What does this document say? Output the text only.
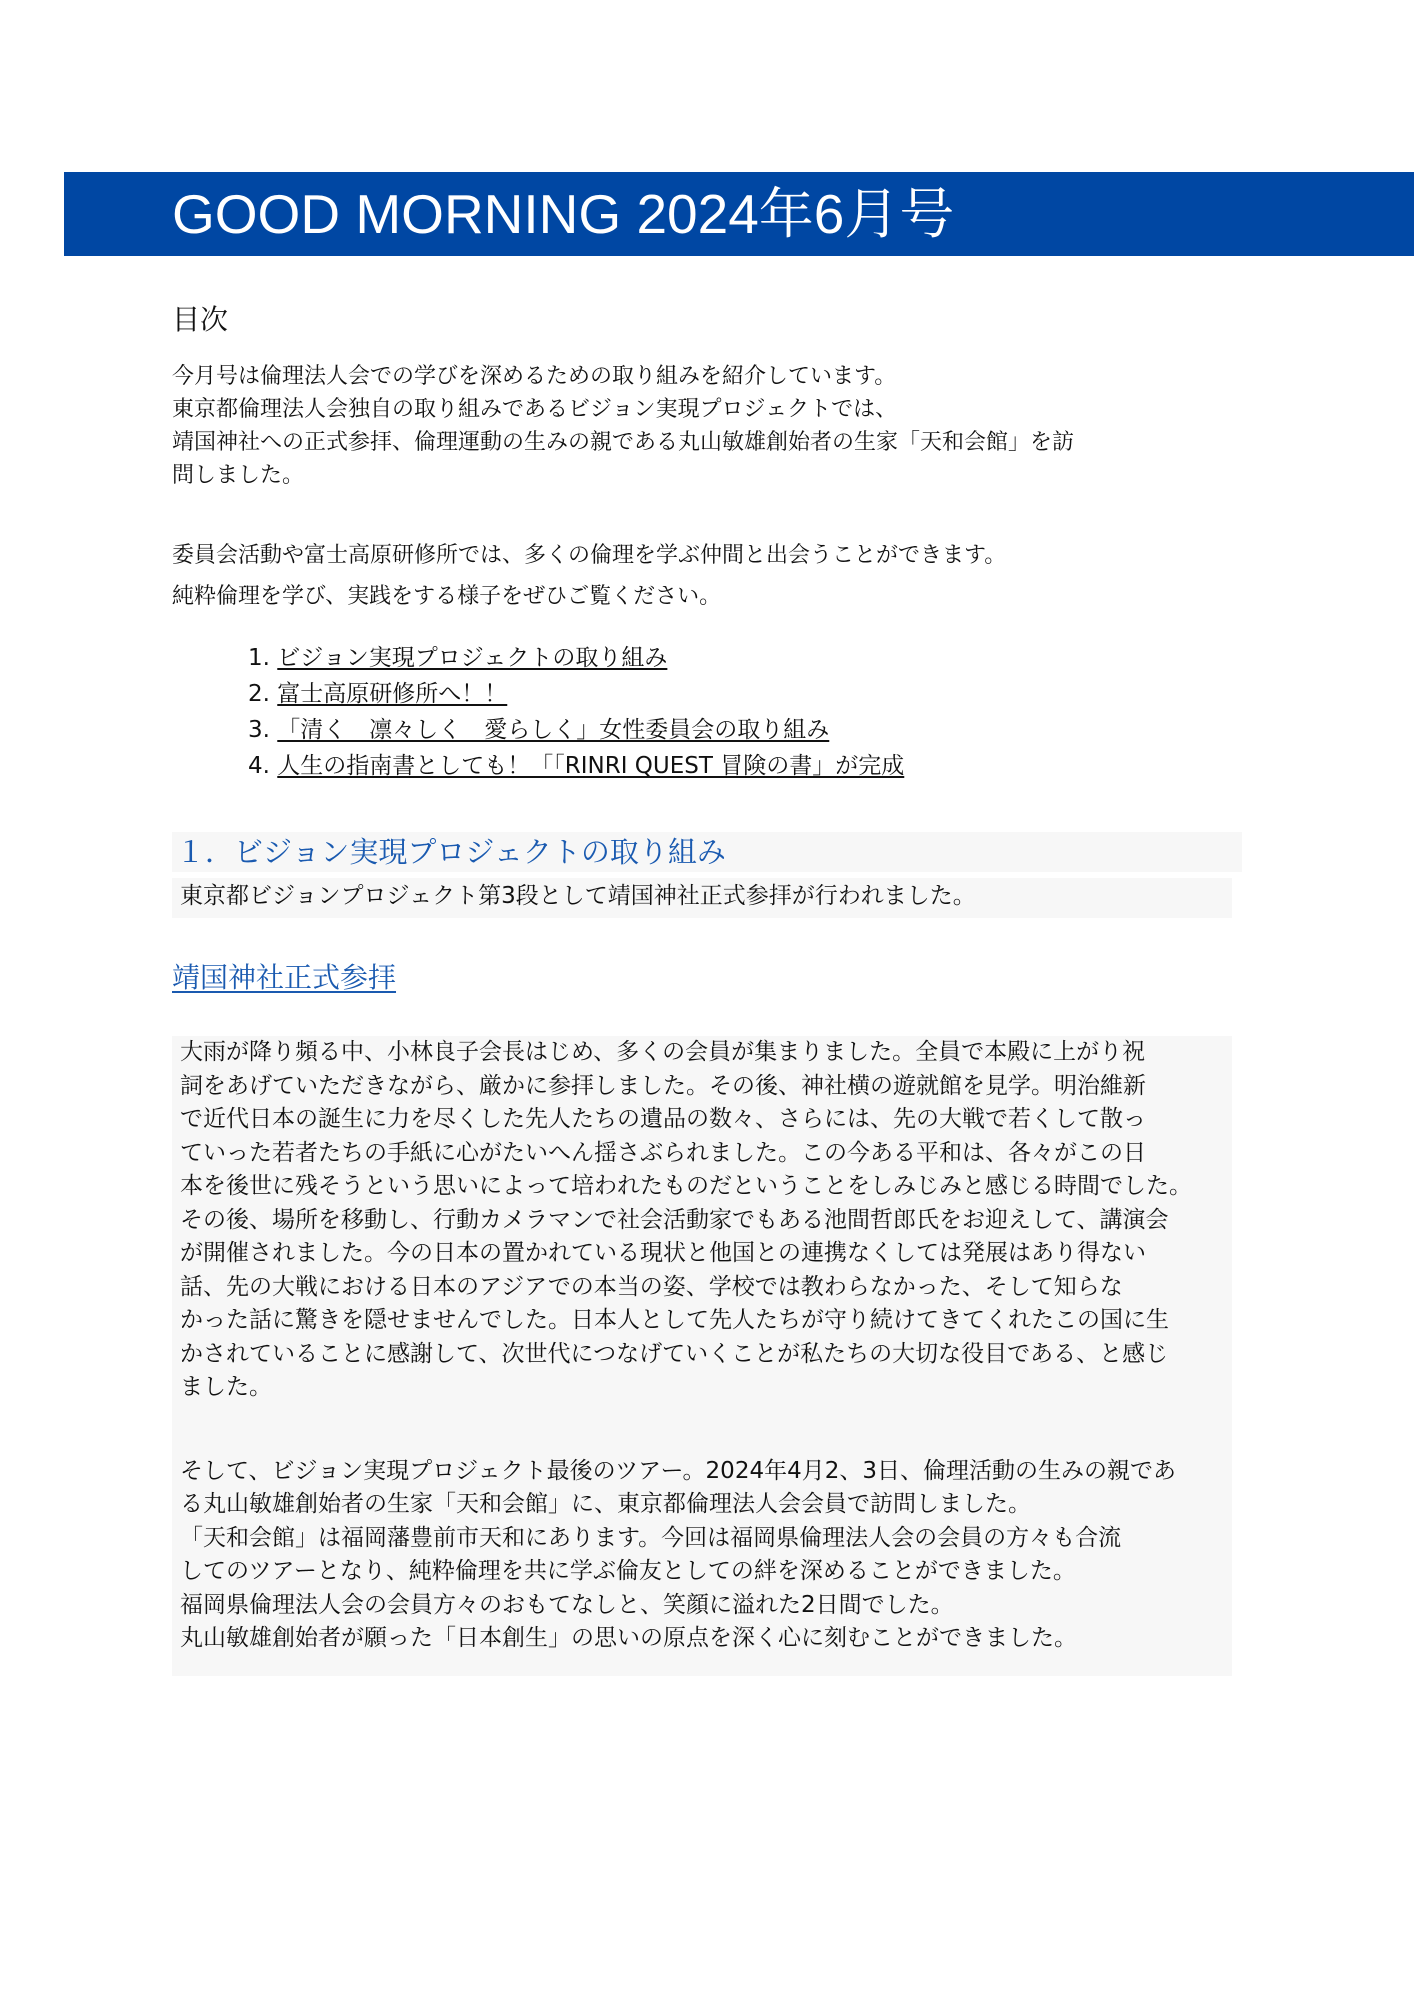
GOOD MORNING 2024年6月号
目次

今月号は倫理法人会での学びを深めるための取り組みを紹介しています。

東京都倫理法人会独自の取り組みであるビジョン実現プロジェクトでは、

靖国神社への正式参拝、倫理運動の生みの親である丸山敏雄創始者の生家「天和会館」を訪

問しました。

委員会活動や富士高原研修所では、多くの倫理を学ぶ仲間と出会うことができます。

純粋倫理を学び、実践をする様子をぜひご覧ください。

1. ビジョン実現プロジェクトの取り組み
2. 富士高原研修所へ！！
3. 「清く　凛々しく　愛らしく」女性委員会の取り組み
4. 人生の指南書としても！「「RINRI QUEST 冒険の書」が完成
１．ビジョン実現プロジェクトの取り組み
東京都ビジョンプロジェクト第3段として靖国神社正式参拝が行われました。
靖国神社正式参拝

大雨が降り頻る中、小林良子会長はじめ、多くの会員が集まりました。全員で本殿に上がり祝

詞をあげていただきながら、厳かに参拝しました。その後、神社横の遊就館を見学。明治維新

で近代日本の誕生に力を尽くした先人たちの遺品の数々、さらには、先の大戦で若くして散っ

ていった若者たちの手紙に心がたいへん揺さぶられました。この今ある平和は、各々がこの日

本を後世に残そうという思いによって培われたものだということをしみじみと感じる時間でした。

その後、場所を移動し、行動カメラマンで社会活動家でもある池間哲郎氏をお迎えして、講演会

が開催されました。今の日本の置かれている現状と他国との連携なくしては発展はあり得ない

話、先の大戦における日本のアジアでの本当の姿、学校では教わらなかった、そして知らな

かった話に驚きを隠せませんでした。日本人として先人たちが守り続けてきてくれたこの国に生

かされていることに感謝して、次世代につなげていくことが私たちの大切な役目である、と感じ

ました。

そして、ビジョン実現プロジェクト最後のツアー。2024年4月2、3日、倫理活動の生みの親であ

る丸山敏雄創始者の生家「天和会館」に、東京都倫理法人会会員で訪問しました。

「天和会館」は福岡藩豊前市天和にあります。今回は福岡県倫理法人会の会員の方々も合流

してのツアーとなり、純粋倫理を共に学ぶ倫友としての絆を深めることができました。

福岡県倫理法人会の会員方々のおもてなしと、笑顔に溢れた2日間でした。

丸山敏雄創始者が願った「日本創生」の思いの原点を深く心に刻むことができました。
